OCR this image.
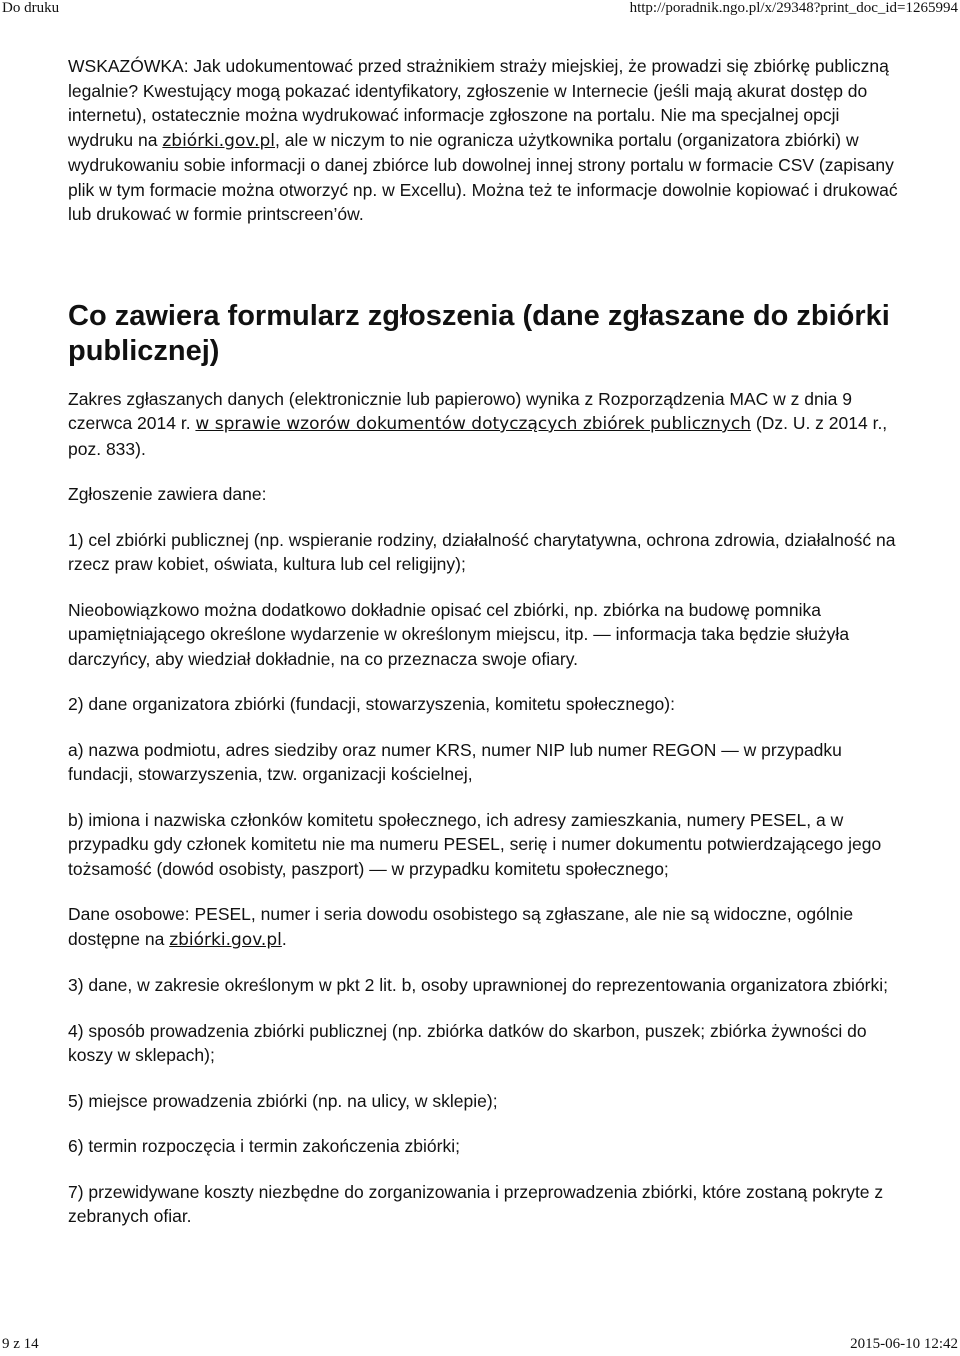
Do druku	http://poradnik.ngo.pl/x/29348?print_doc_id=1265994

WSKAZÓWKA: Jak udokumentować przed strażnikiem straży miejskiej, że prowadzi się zbiórkę publiczną legalnie? Kwestujący mogą pokazać identyfikatory, zgłoszenie w Internecie (jeśli mają akurat dostęp do internetu), ostatecznie można wydrukować informacje zgłoszone na portalu. Nie ma specjalnej opcji wydruku na zbiórki.gov.pl, ale w niczym to nie ogranicza użytkownika portalu (organizatora zbiórki) w wydrukowaniu sobie informacji o danej zbiórce lub dowolnej innej strony portalu w formacie CSV (zapisany plik w tym formacie można otworzyć np. w Excellu). Można też te informacje dowolnie kopiować i drukować lub drukować w formie printscreen’ów.

Co zawiera formularz zgłoszenia (dane zgłaszane do zbiórki publicznej)

Zakres zgłaszanych danych (elektronicznie lub papierowo) wynika z Rozporządzenia MAC w z dnia 9 czerwca 2014 r. w sprawie wzorów dokumentów dotyczących zbiórek publicznych (Dz. U. z 2014 r., poz. 833).

Zgłoszenie zawiera dane:

1) cel zbiórki publicznej (np. wspieranie rodziny, działalność charytatywna, ochrona zdrowia, działalność na rzecz praw kobiet, oświata, kultura lub cel religijny);

Nieobowiązkowo można dodatkowo dokładnie opisać cel zbiórki, np. zbiórka na budowę pomnika upamiętniającego określone wydarzenie w określonym miejscu, itp. — informacja taka będzie służyła darczyńcy, aby wiedział dokładnie, na co przeznacza swoje ofiary.

2) dane organizatora zbiórki (fundacji, stowarzyszenia, komitetu społecznego):

a) nazwa podmiotu, adres siedziby oraz numer KRS, numer NIP lub numer REGON — w przypadku fundacji, stowarzyszenia, tzw. organizacji kościelnej,

b) imiona i nazwiska członków komitetu społecznego, ich adresy zamieszkania, numery PESEL, a w przypadku gdy członek komitetu nie ma numeru PESEL, serię i numer dokumentu potwierdzającego jego tożsamość (dowód osobisty, paszport) — w przypadku komitetu społecznego;

Dane osobowe: PESEL, numer i seria dowodu osobistego są zgłaszane, ale nie są widoczne, ogólnie dostępne na zbiórki.gov.pl.

3) dane, w zakresie określonym w pkt 2 lit. b, osoby uprawnionej do reprezentowania organizatora zbiórki;

4) sposób prowadzenia zbiórki publicznej (np. zbiórka datków do skarbon, puszek; zbiórka żywności do koszy w sklepach);

5) miejsce prowadzenia zbiórki (np. na ulicy, w sklepie);

6) termin rozpoczęcia i termin zakończenia zbiórki;

7) przewidywane koszty niezbędne do zorganizowania i przeprowadzenia zbiórki, które zostaną pokryte z zebranych ofiar.

9 z 14	2015-06-10 12:42
